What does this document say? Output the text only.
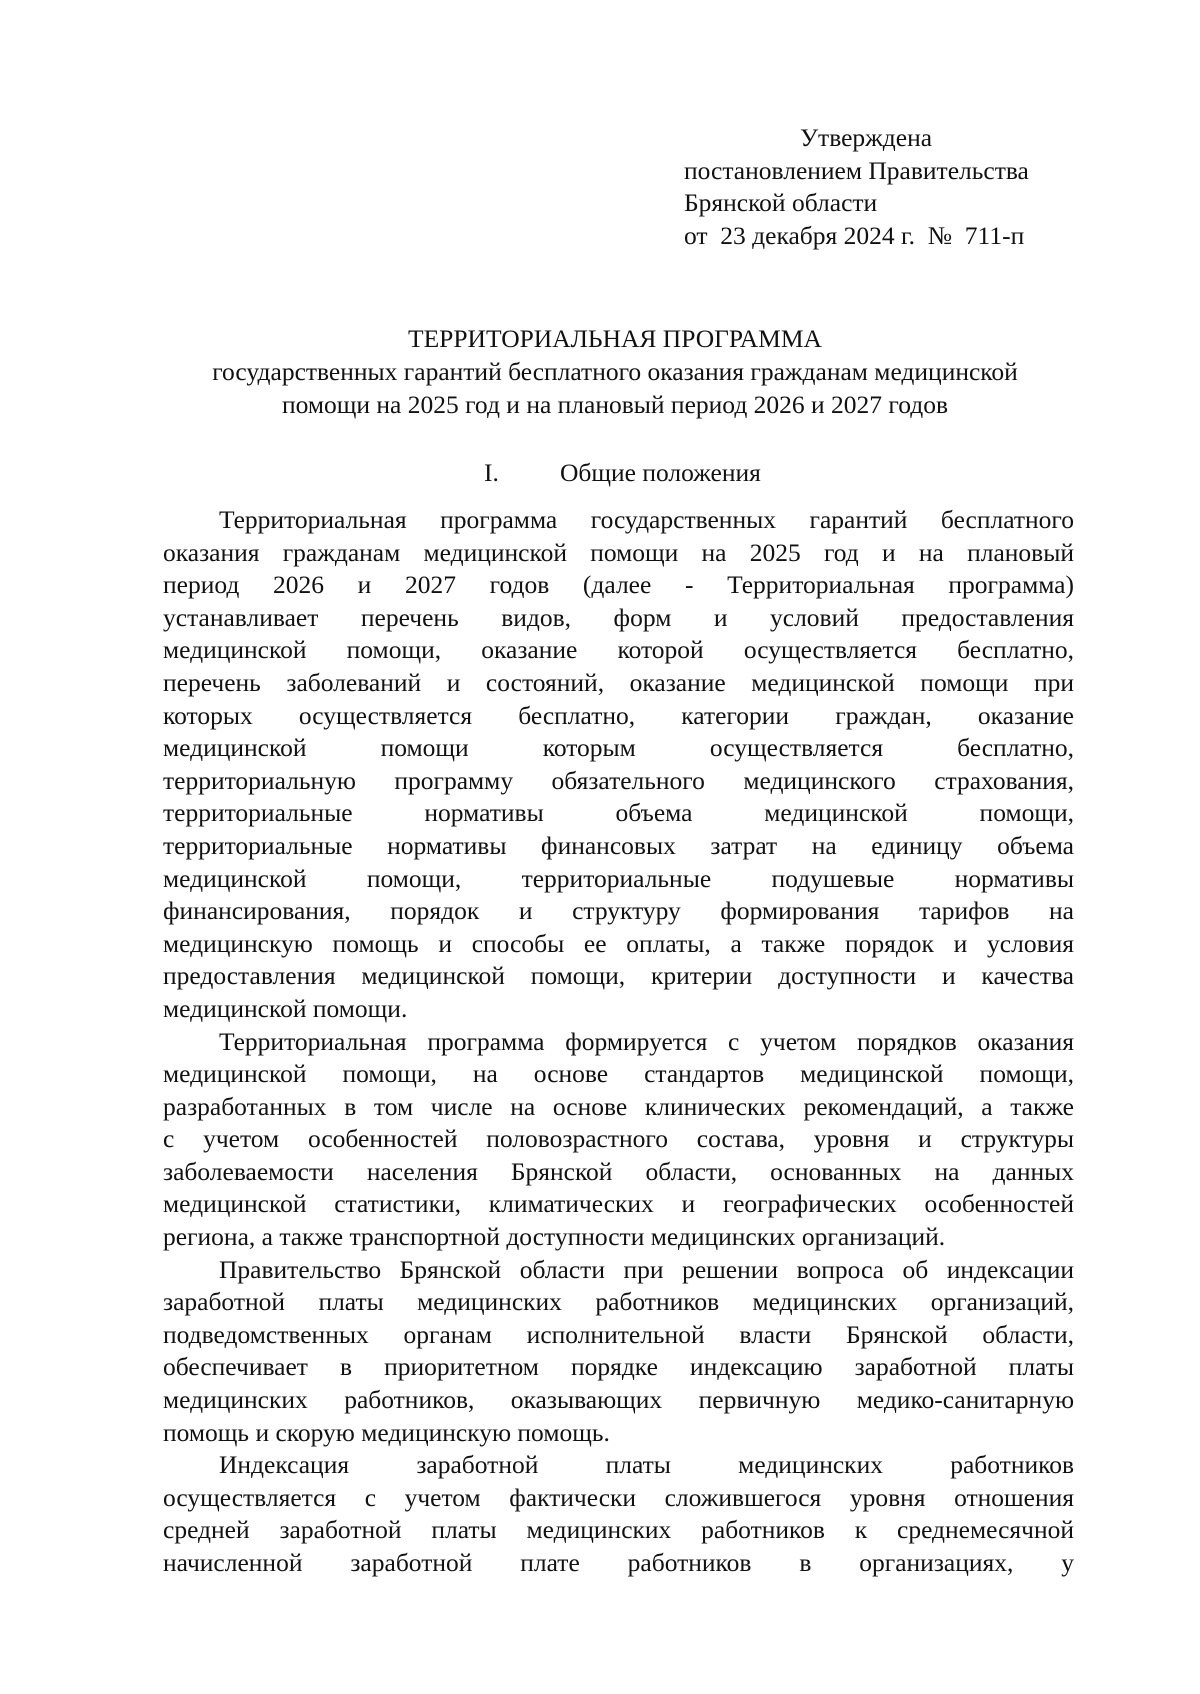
Утверждена
постановлением Правительства
Брянской области
от  23 декабря 2024 г.  №  711-п
ТЕРРИТОРИАЛЬНАЯ ПРОГРАММА
государственных гарантий бесплатного оказания гражданам медицинской
помощи на 2025 год и на плановый период 2026 и 2027 годов
I. Общие положения
Территориальная программа государственных гарантий бесплатного
оказания гражданам медицинской помощи на 2025 год и на плановый
период 2026 и 2027 годов (далее - Территориальная программа)
устанавливает перечень видов, форм и условий предоставления
медицинской помощи, оказание которой осуществляется бесплатно,
перечень заболеваний и состояний, оказание медицинской помощи при
которых осуществляется бесплатно, категории граждан, оказание
медицинской помощи которым осуществляется бесплатно,
территориальную программу обязательного медицинского страхования,
территориальные нормативы объема медицинской помощи,
территориальные нормативы финансовых затрат на единицу объема
медицинской помощи, территориальные подушевые нормативы
финансирования, порядок и структуру формирования тарифов на
медицинскую помощь и способы ее оплаты, а также порядок и условия
предоставления медицинской помощи, критерии доступности и качества
медицинской помощи.
Территориальная программа формируется с учетом порядков оказания
медицинской помощи, на основе стандартов медицинской помощи,
разработанных в том числе на основе клинических рекомендаций, а также
с учетом особенностей половозрастного состава, уровня и структуры
заболеваемости населения Брянской области, основанных на данных
медицинской статистики, климатических и географических особенностей
региона, а также транспортной доступности медицинских организаций.
Правительство Брянской области при решении вопроса об индексации
заработной платы медицинских работников медицинских организаций,
подведомственных органам исполнительной власти Брянской области,
обеспечивает в приоритетном порядке индексацию заработной платы
медицинских работников, оказывающих первичную медико-санитарную
помощь и скорую медицинскую помощь.
Индексация заработной платы медицинских работников
осуществляется с учетом фактически сложившегося уровня отношения
средней заработной платы медицинских работников к среднемесячной
начисленной заработной плате работников в организациях, у
